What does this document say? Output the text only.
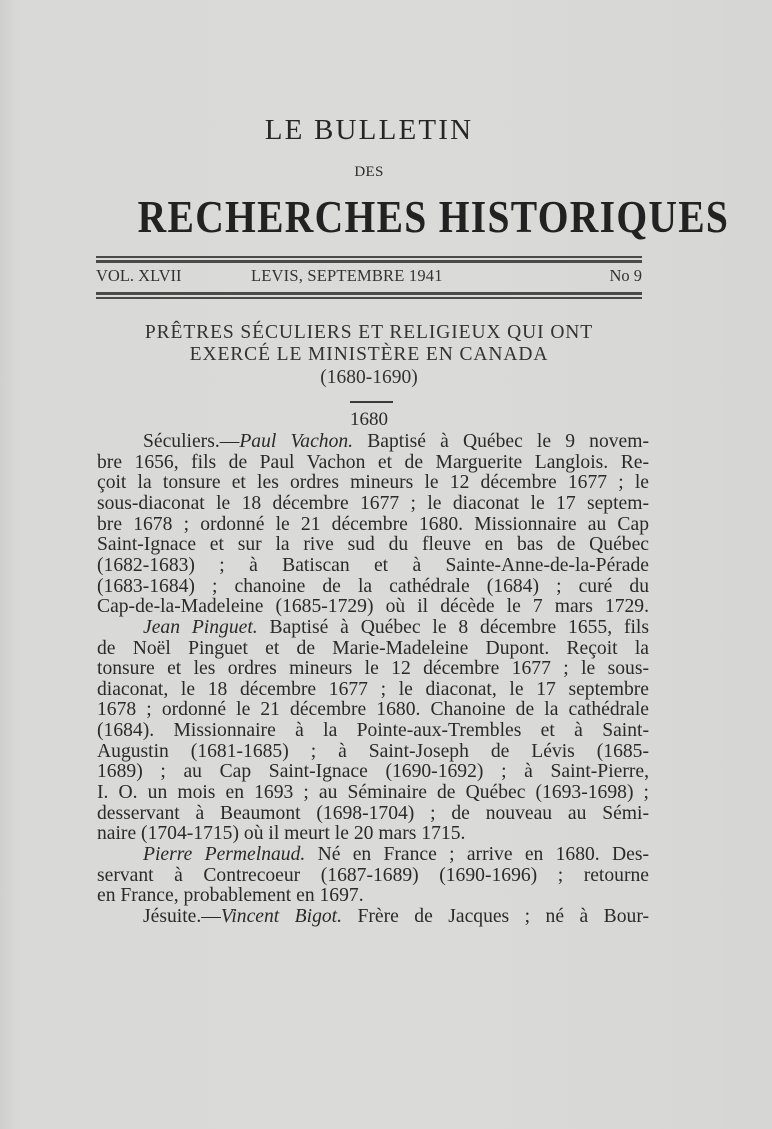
LE BULLETIN
DES
RECHERCHES HISTORIQUES
VOL. XLVII	LEVIS, SEPTEMBRE 1941	No 9
PRÊTRES SÉCULIERS ET RELIGIEUX QUI ONT
EXERCÉ LE MINISTÈRE EN CANADA
(1680-1690)
1680
Séculiers.—Paul Vachon. Baptisé à Québec le 9 novem-
bre 1656, fils de Paul Vachon et de Marguerite Langlois. Re-
çoit la tonsure et les ordres mineurs le 12 décembre 1677 ; le
sous-diaconat le 18 décembre 1677 ; le diaconat le 17 septem-
bre 1678 ; ordonné le 21 décembre 1680. Missionnaire au Cap
Saint-Ignace et sur la rive sud du fleuve en bas de Québec
(1682-1683) ; à Batiscan et à Sainte-Anne-de-la-Pérade
(1683-1684) ; chanoine de la cathédrale (1684) ; curé du
Cap-de-la-Madeleine (1685-1729) où il décède le 7 mars 1729.
Jean Pinguet. Baptisé à Québec le 8 décembre 1655, fils
de Noël Pinguet et de Marie-Madeleine Dupont. Reçoit la
tonsure et les ordres mineurs le 12 décembre 1677 ; le sous-
diaconat, le 18 décembre 1677 ; le diaconat, le 17 septembre
1678 ; ordonné le 21 décembre 1680. Chanoine de la cathédrale
(1684). Missionnaire à la Pointe-aux-Trembles et à Saint-
Augustin (1681-1685) ; à Saint-Joseph de Lévis (1685-
1689) ; au Cap Saint-Ignace (1690-1692) ; à Saint-Pierre,
I. O. un mois en 1693 ; au Séminaire de Québec (1693-1698) ;
desservant à Beaumont (1698-1704) ; de nouveau au Sémi-
naire (1704-1715) où il meurt le 20 mars 1715.
Pierre Permelnaud. Né en France ; arrive en 1680. Des-
servant à Contrecoeur (1687-1689) (1690-1696) ; retourne
en France, probablement en 1697.
Jésuite.—Vincent Bigot. Frère de Jacques ; né à Bour-
